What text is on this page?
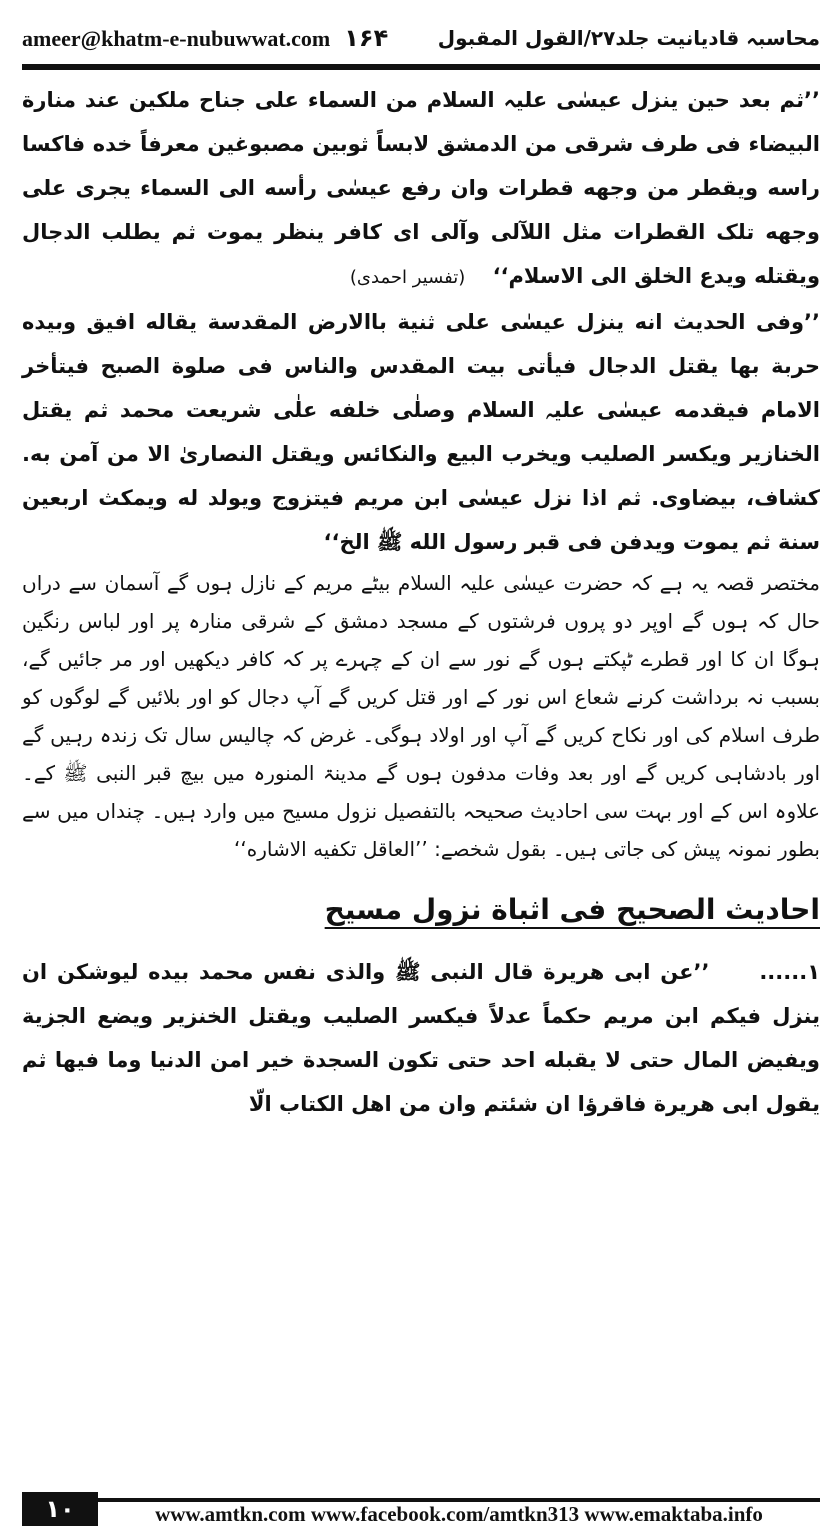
ameer@khatm-e-nubuwwat.com ۱۶۴ محاسبہ قادیانیت جلد۲۷/القول المقبول

’’ثم بعد حین ینزل عیسٰی علیہ السلام من السماء علی جناح ملکین عند منارة البیضاء فی طرف شرقی من الدمشق لابساً ثوبین مصبوغین معرفاً خده فاکسا راسه ویقطر من وجهه قطرات وان رفع عیسٰی رأسه الی السماء یجری علی وجهه تلک القطرات مثل اللآلی وآلی ای کافر ینظر یموت ثم یطلب الدجال ویقتله ویدع الخلق الی الاسلام‘‘ (تفسیر احمدی)

’’وفی الحدیث انه ینزل عیسٰی علی ثنیة باالارض المقدسة یقاله افیق وبیده حربة بها یقتل الدجال فیأتی بیت المقدس والناس فی صلوة الصبح فیتأخر الامام فیقدمه عیسٰی علیہ السلام وصلٰی خلفه علٰی شریعت محمد ثم یقتل الخنازیر ویکسر الصلیب ویخرب البیع والنکائس ویقتل النصاریٰ الا من آمن به. کشاف، بیضاوی. ثم اذا نزل عیسٰی ابن مریم فیتزوج ویولد له ویمکث اربعین سنة ثم یموت ویدفن فی قبر رسول الله ﷺ الخ‘‘

مختصر قصہ یہ ہے کہ حضرت عیسٰی علیہ السلام بیٹے مریم کے نازل ہوں گے آسمان سے دراں حال کہ ہوں گے اوپر دو پروں فرشتوں کے مسجد دمشق کے شرقی منارہ پر اور لباس رنگین ہوگا ان کا اور قطرے ٹپکتے ہوں گے نور سے ان کے چہرے پر کہ کافر دیکھیں اور مر جائیں گے، بسبب نہ برداشت کرنے شعاع اس نور کے اور قتل کریں گے آپ دجال کو اور بلائیں گے لوگوں کو طرف اسلام کی اور نکاح کریں گے آپ اور اولاد ہوگی۔ غرض کہ چالیس سال تک زندہ رہیں گے اور بادشاہی کریں گے اور بعد وفات مدفون ہوں گے مدینۃ المنورہ میں بیچ قبر النبی ﷺ کے۔ علاوہ اس کے اور بہت سی احادیث صحیحہ بالتفصیل نزول مسیح میں وارد ہیں۔ چنداں میں سے بطور نمونہ پیش کی جاتی ہیں۔ بقول شخصے: ’’العاقل تکفیه الاشاره‘‘

احادیث الصحیح فی اثباة نزول مسیح

۱...... ’’عن ابی هریرة قال النبی ﷺ والذی نفس محمد بیده لیوشکن ان ینزل فیکم ابن مریم حکماً عدلاً فیکسر الصلیب ویقتل الخنزیر ویضع الجزیة ویفیض المال حتی لا یقبله احد حتی تکون السجدة خیر امن الدنیا وما فیها ثم یقول ابی هریرة فاقرؤا ان شئتم وان من اهل الکتاب الّا

۱۰	www.amtkn.com www.facebook.com/amtkn313 www.emaktaba.info
